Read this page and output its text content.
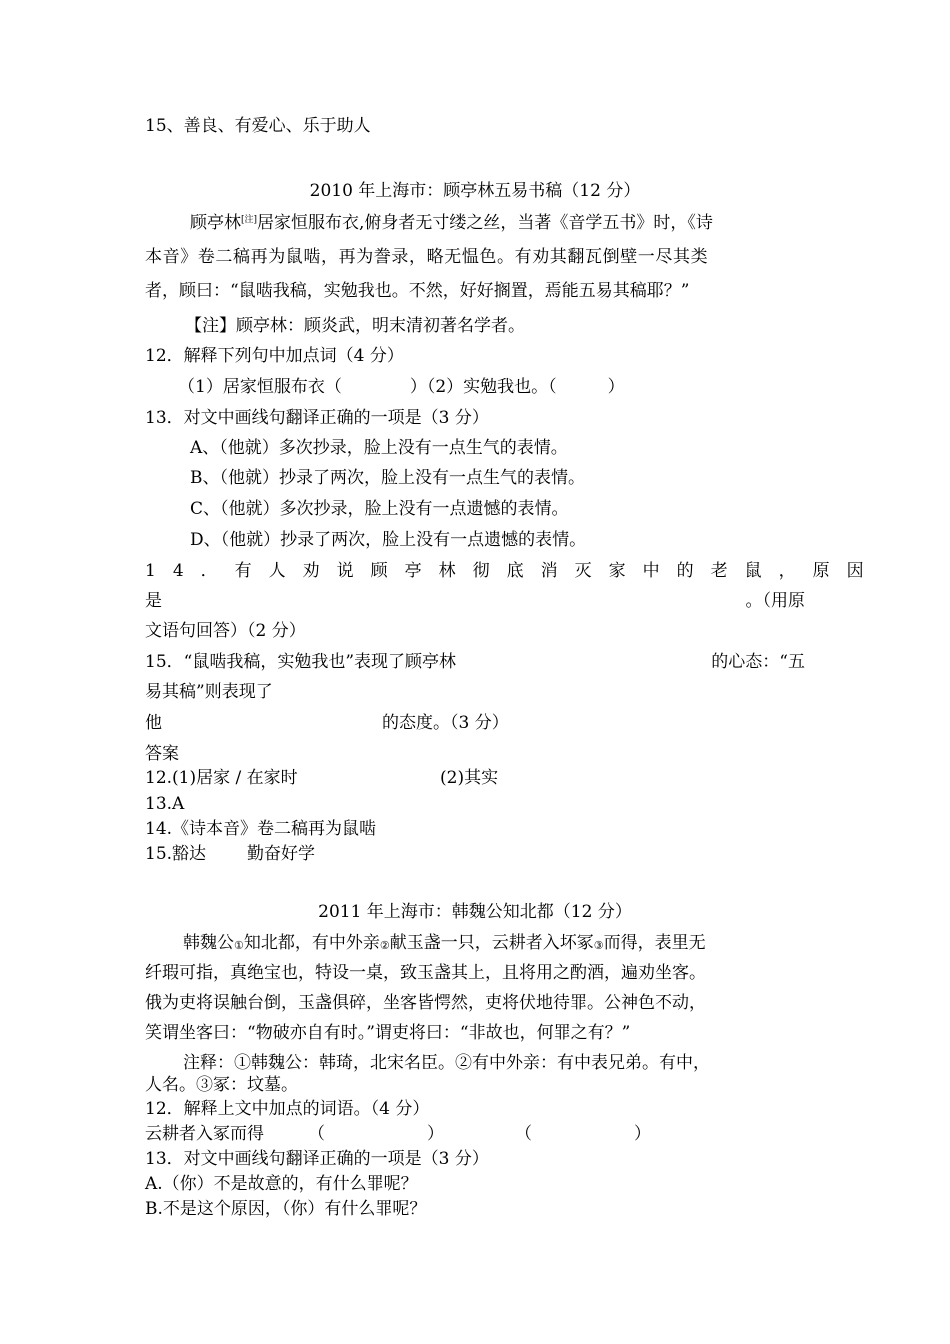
15、善良、有爱心、乐于助人
2010 年上海市：顾亭林五易书稿（12 分）
顾亭林[注]居家恒服布衣,俯身者无寸缕之丝，当著《音学五书》时，《诗
本音》卷二稿再为鼠啮，再为誊录，略无愠色。有劝其翻瓦倒壁一尽其类
者，顾曰：“鼠啮我稿，实勉我也。不然，好好搁置，焉能五易其稿耶？”
【注】顾亭林：顾炎武，明末清初著名学者。
12．解释下列句中加点词（4 分）
（1）居家恒服布衣（　　　　）（2）实勉我也。（　　　）
13．对文中画线句翻译正确的一项是（3 分）
A、（他就）多次抄录，脸上没有一点生气的表情。
B、（他就）抄录了两次，脸上没有一点生气的表情。
C、（他就）多次抄录，脸上没有一点遗憾的表情。
D、（他就）抄录了两次，脸上没有一点遗憾的表情。
14．有人劝说顾亭林彻底消灭家中的老鼠，原因
是	。（用原
文语句回答）（2 分）
15．“鼠啮我稿，实勉我也”表现了顾亭林	的心态：“五
易其稿”则表现了
他	的态度。（3 分）
答案
12.(1)居家 / 在家时	(2)其实
13.A
14.《诗本音》卷二稿再为鼠啮
15.豁达 勤奋好学
2011 年上海市：韩魏公知北都（12 分）
韩魏公①知北都，有中外亲②献玉盏一只，云耕者入坏冢③而得，表里无
纤瑕可指，真绝宝也，特设一桌，致玉盏其上，且将用之酌酒，遍劝坐客。
俄为吏将误触台倒，玉盏俱碎，坐客皆愕然，吏将伏地待罪。公神色不动，
笑谓坐客曰：“物破亦自有时。”谓吏将曰：“非故也，何罪之有？”
注释：①韩魏公：韩琦，北宋名臣。②有中外亲：有中表兄弟。有中，
人名。③冢：坟墓。
12．解释上文中加点的词语。（4 分）
云耕者入冢而得	（　　　　　　）	（　　　　　　）
13．对文中画线句翻译正确的一项是（3 分）
A.（你）不是故意的，有什么罪呢？
B.不是这个原因，（你）有什么罪呢？
